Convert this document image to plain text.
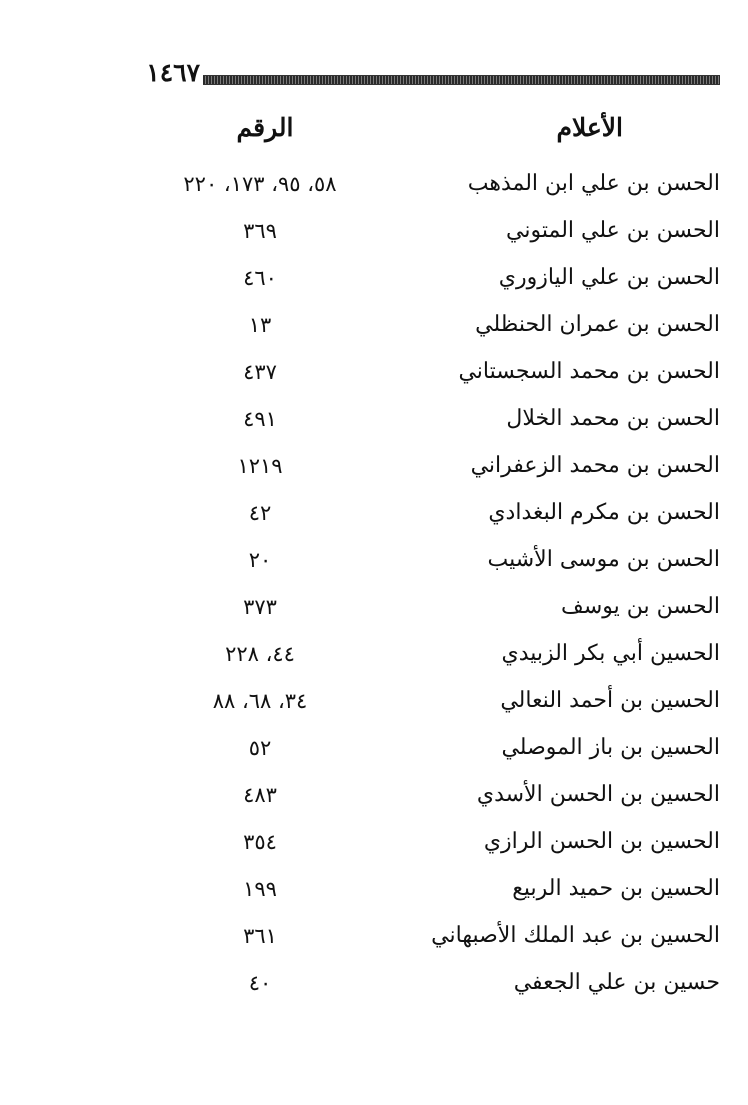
١٤٦٧
الأعلام
الرقم
الحسن بن علي ابن المذهب
٥٨، ٩٥، ١٧٣، ٢٢٠
الحسن بن علي المتوني
٣٦٩
الحسن بن علي اليازوري
٤٦٠
الحسن بن عمران الحنظلي
١٣
الحسن بن محمد السجستاني
٤٣٧
الحسن بن محمد الخلال
٤٩١
الحسن بن محمد الزعفراني
١٢١٩
الحسن بن مكرم البغدادي
٤٢
الحسن بن موسى الأشيب
٢٠
الحسن بن يوسف
٣٧٣
الحسين أبي بكر الزبيدي
٤٤، ٢٢٨
الحسين بن أحمد النعالي
٣٤، ٦٨، ٨٨
الحسين بن باز الموصلي
٥٢
الحسين بن الحسن الأسدي
٤٨٣
الحسين بن الحسن الرازي
٣٥٤
الحسين بن حميد الربيع
١٩٩
الحسين بن عبد الملك الأصبهاني
٣٦١
حسين بن علي الجعفي
٤٠
